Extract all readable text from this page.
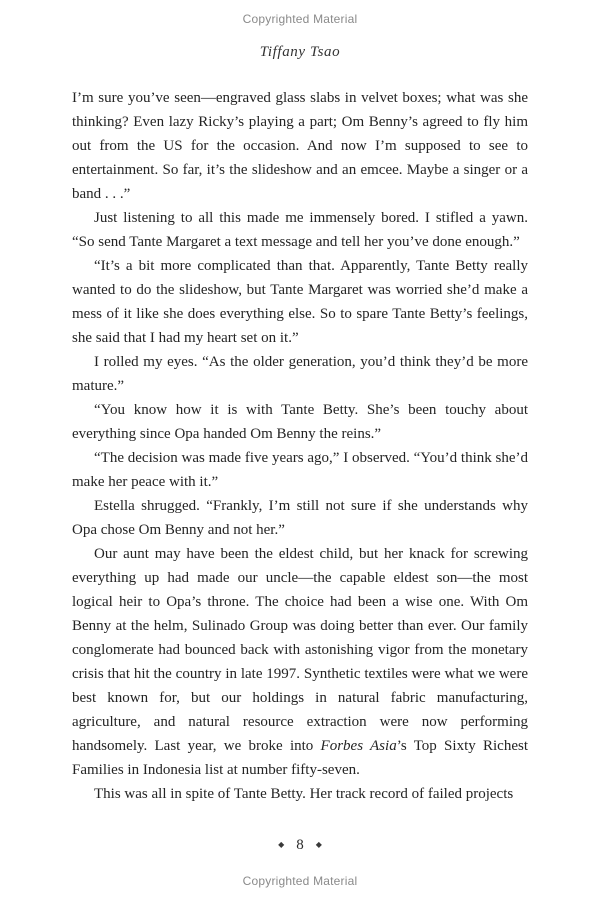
Copyrighted Material
Tiffany Tsao

I’m sure you’ve seen—engraved glass slabs in velvet boxes; what was she thinking? Even lazy Ricky’s playing a part; Om Benny’s agreed to fly him out from the US for the occasion. And now I’m supposed to see to entertainment. So far, it’s the slideshow and an emcee. Maybe a singer or a band . . .”

Just listening to all this made me immensely bored. I stifled a yawn. “So send Tante Margaret a text message and tell her you’ve done enough.”

“It’s a bit more complicated than that. Apparently, Tante Betty really wanted to do the slideshow, but Tante Margaret was worried she’d make a mess of it like she does everything else. So to spare Tante Betty’s feelings, she said that I had my heart set on it.”

I rolled my eyes. “As the older generation, you’d think they’d be more mature.”

“You know how it is with Tante Betty. She’s been touchy about everything since Opa handed Om Benny the reins.”

“The decision was made five years ago,” I observed. “You’d think she’d make her peace with it.”

Estella shrugged. “Frankly, I’m still not sure if she understands why Opa chose Om Benny and not her.”

Our aunt may have been the eldest child, but her knack for screwing everything up had made our uncle—the capable eldest son—the most logical heir to Opa’s throne. The choice had been a wise one. With Om Benny at the helm, Sulinado Group was doing better than ever. Our family conglomerate had bounced back with astonishing vigor from the monetary crisis that hit the country in late 1997. Synthetic textiles were what we were best known for, but our holdings in natural fabric manufacturing, agriculture, and natural resource extraction were now performing handsomely. Last year, we broke into Forbes Asia’s Top Sixty Richest Families in Indonesia list at number fifty-seven.

This was all in spite of Tante Betty. Her track record of failed projects

◆ 8 ◆
Copyrighted Material
